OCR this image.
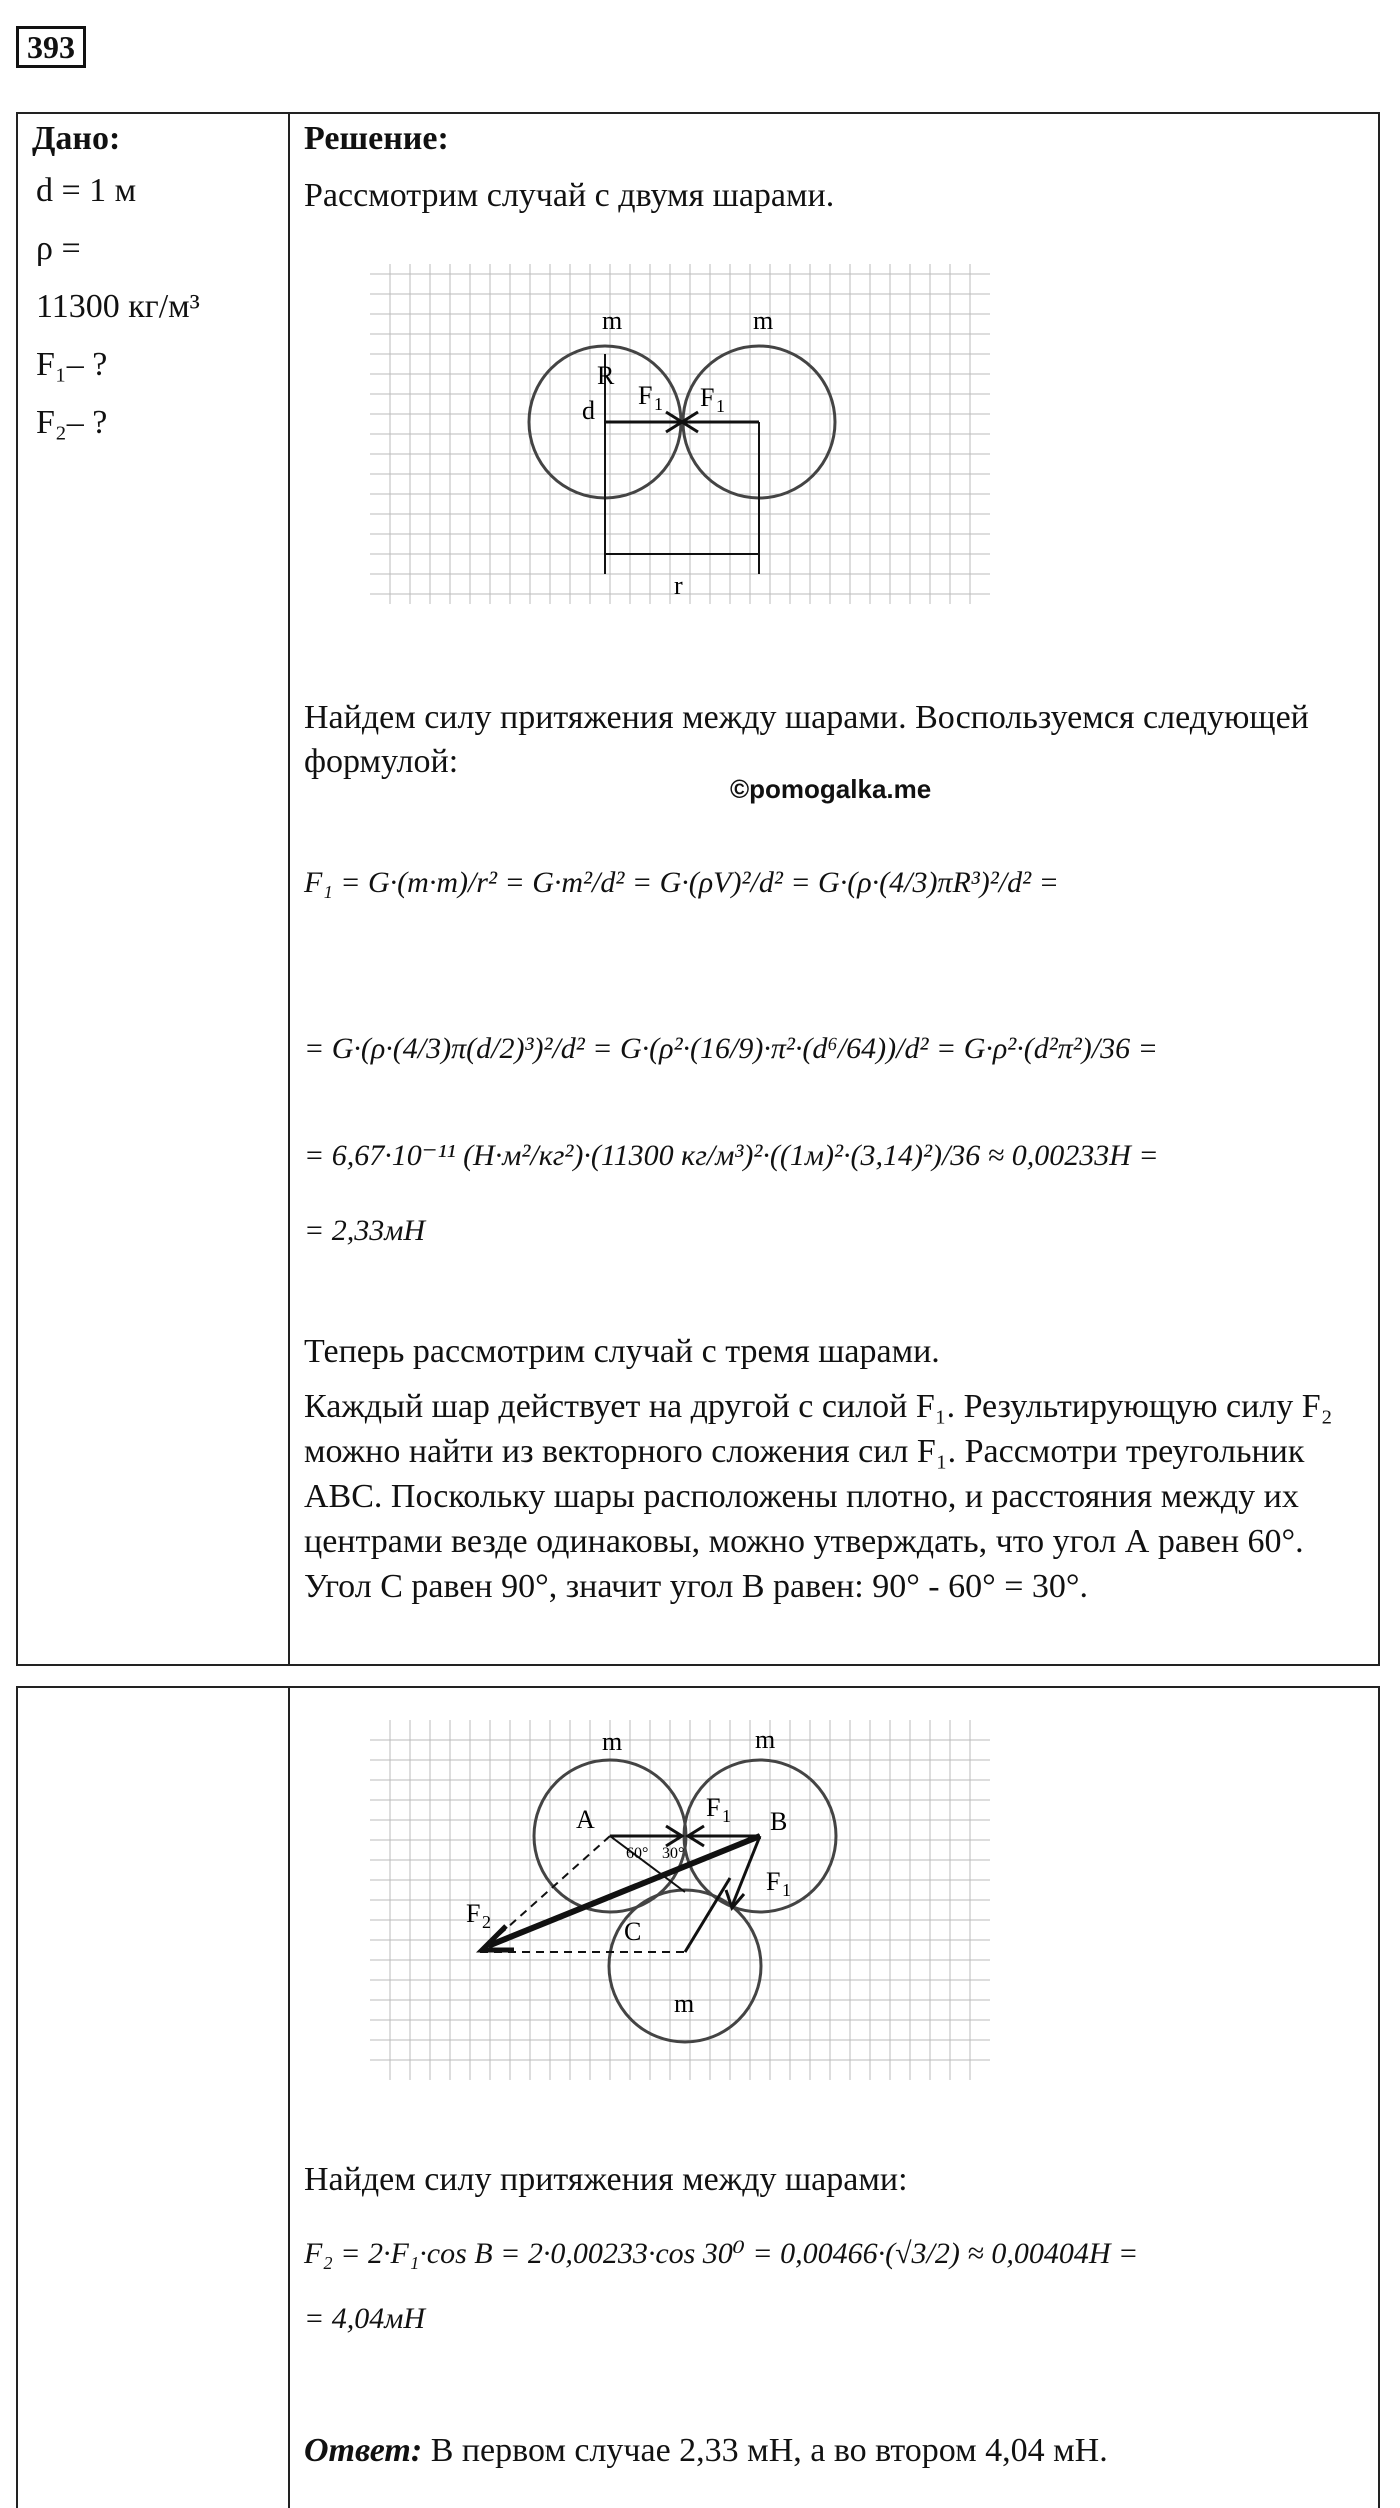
393
Дано:
d = 1 м
ρ =
11300 кг/м³
F₁– ?
F₂– ?
Решение:
Рассмотрим случай с двумя шарами.
m	m
R
d
F 1 F 1
r
Найдем силу притяжения между шарами. Воспользуемся следующей формулой:
©pomogalka.me
F₁ = G·(m·m)/r² = G·m²/d² = G·(ρV)²/d² = G·(ρ·(4/3)πR³)²/d² =
= G·(ρ·(4/3)π(d/2)³)²/d² = G·(ρ²·(16/9)·π²·(d⁶/64))/d² = G·ρ²·(d²π²)/36 =
= 6,67·10⁻¹¹ (Н·м²/кг²)·(11300 кг/м³)²·((1м)²·(3,14)²)/36 ≈ 0,00233Н =
= 2,33мН
Теперь рассмотрим случай с тремя шарами.
Каждый шар действует на другой с силой F₁. Результирующую силу F₂ можно найти из векторного сложения сил F₁. Рассмотри треугольник АВС. Поскольку шары расположены плотно, и расстояния между их центрами везде одинаковы, можно утверждать, что угол А равен 60°. Угол С равен 90°, значит угол В равен: 90° - 60° = 30°.
m	m
m
A	B
C
F 1
F 1
F 2
60° 30°
Найдем силу притяжения между шарами:
F₂ = 2·F₁·cos B = 2·0,00233·cos 30⁰ = 0,00466·(√3/2) ≈ 0,00404Н =
= 4,04мН
Ответ: В первом случае 2,33 мН, а во втором 4,04 мН.
